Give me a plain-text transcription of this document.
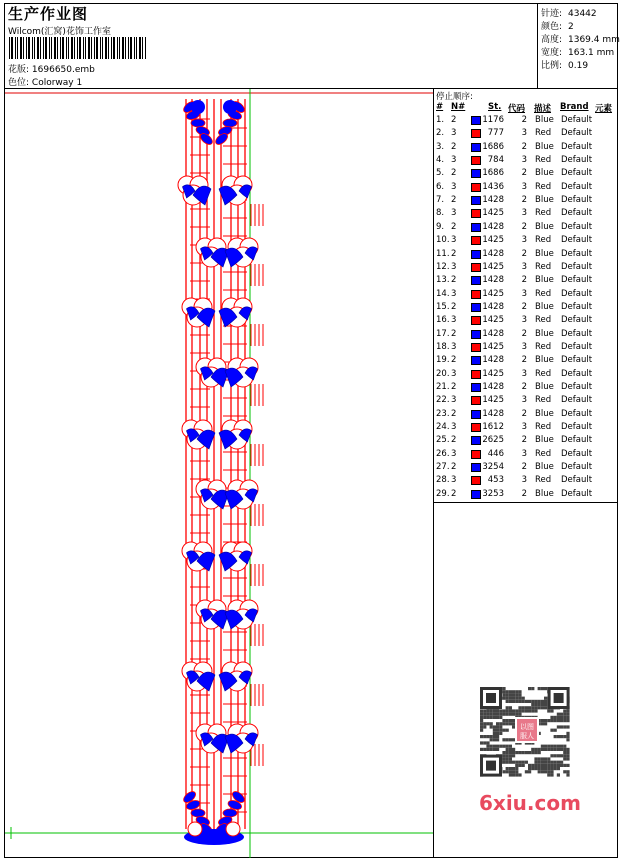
生产作业图
Wilcom(汇窝)花饰工作室
花版: 1696650.emb
色位: Colorway 1
针迹: 43442
颜色: 2
高度: 1369.4 mm
宽度: 163.1 mm
比例: 0.19
停止顺序:
# N#	St. 代码 描述 Brand 元素
1. 2	1176	2 Blue Default
2. 3	777	3 Red Default
3. 2	1686	2 Blue Default
4. 3	784	3 Red Default
5. 2	1686	2 Blue Default
6. 3	1436	3 Red Default
7. 2	1428	2 Blue Default
8. 3	1425	3 Red Default
9. 2	1428	2 Blue Default
10. 3	1425	3 Red Default
11. 2	1428	2 Blue Default
12. 3	1425	3 Red Default
13. 2	1428	2 Blue Default
14. 3	1425	3 Red Default
15. 2	1428	2 Blue Default
16. 3	1425	3 Red Default
17. 2	1428	2 Blue Default
18. 3	1425	3 Red Default
19. 2	1428	2 Blue Default
20. 3	1425	3 Red Default
21. 2	1428	2 Blue Default
22. 3	1425	3 Red Default
23. 2	1428	2 Blue Default
24. 3	1612	3 Red Default
25. 2	2625	2 Blue Default
26. 3	446	3 Red Default
27. 2	3254	2 Blue Default
28. 3	453	3 Red Default
29. 2	3253	2 Blue Default
以图
服人
6xiu.com
